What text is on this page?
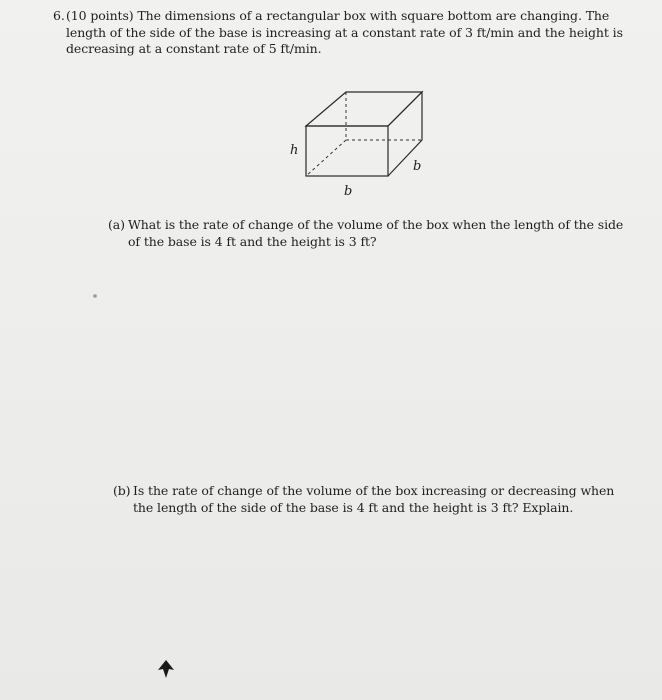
6. (10 points) The dimensions of a rectangular box with square bottom are changing. The length of the side of the base is increasing at a constant rate of 3 ft/min and the height is decreasing at a constant rate of 5 ft/min.
h
b
b
(a) What is the rate of change of the volume of the box when the length of the side of the base is 4 ft and the height is 3 ft?
(b) Is the rate of change of the volume of the box increasing or decreasing when the length of the side of the base is 4 ft and the height is 3 ft? Explain.
